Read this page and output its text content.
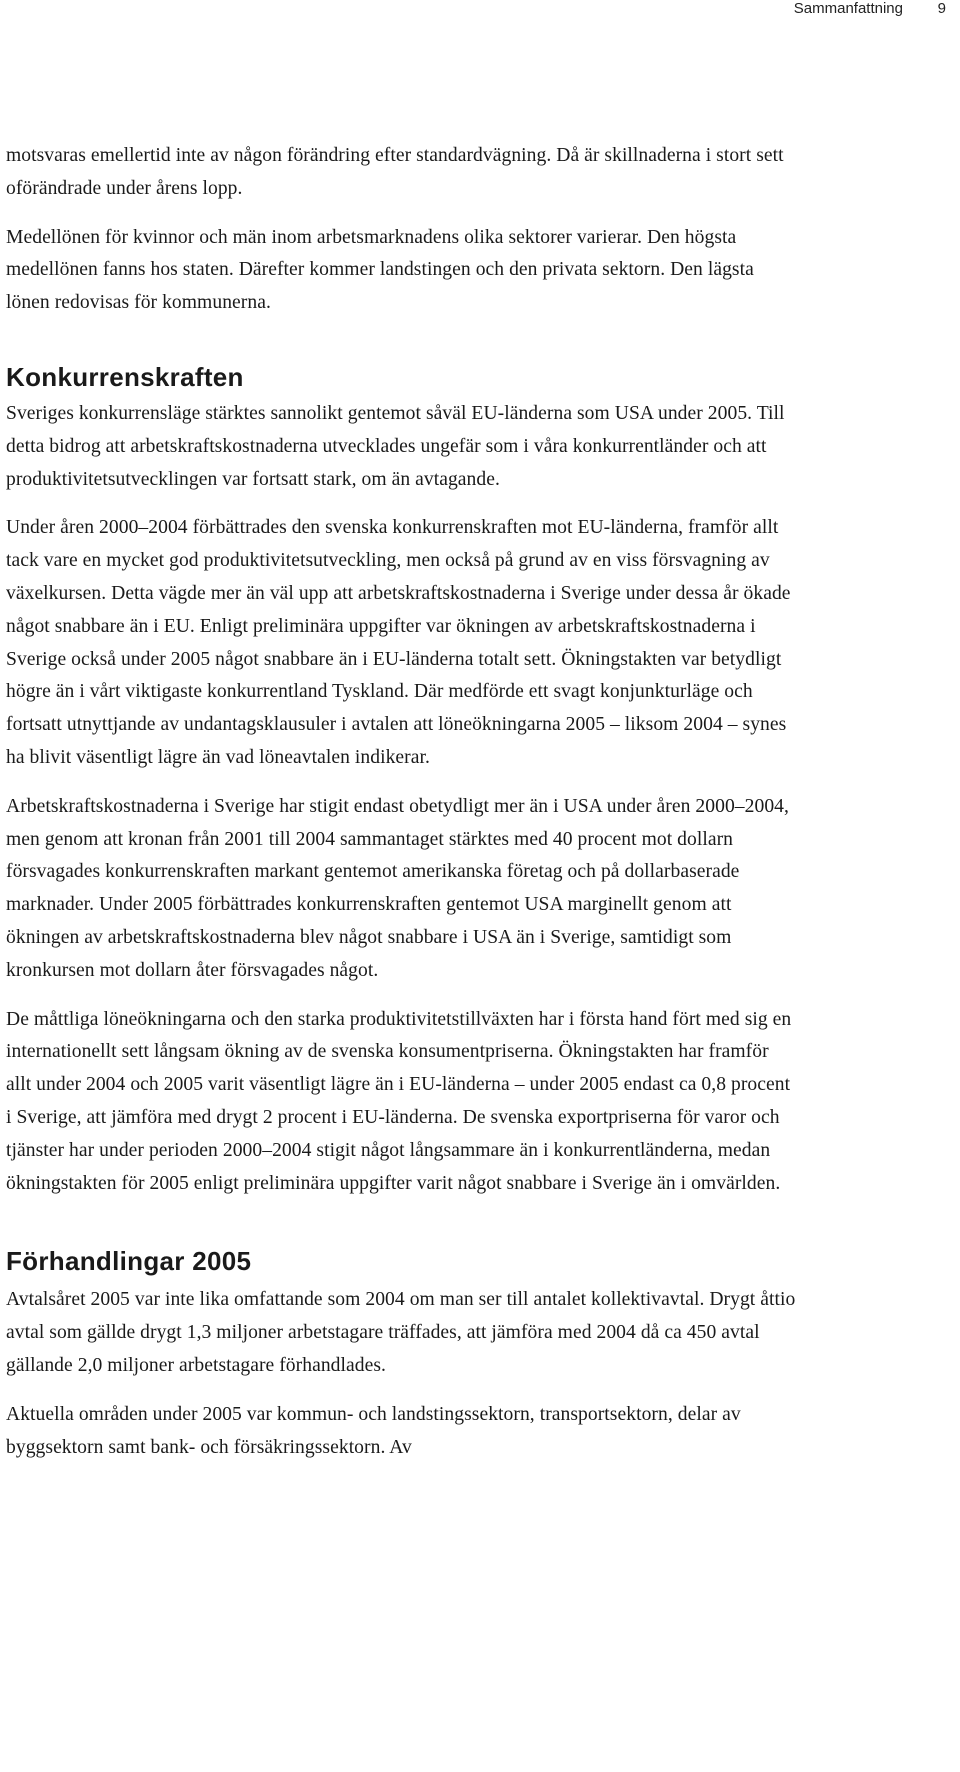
Sammanfattning 9

motsvaras emellertid inte av någon förändring efter standardvägning. Då är skillnaderna i stort sett oförändrade under årens lopp.

Medellönen för kvinnor och män inom arbetsmarknadens olika sektorer varierar. Den högsta medellönen fanns hos staten. Därefter kommer landstingen och den privata sektorn. Den lägsta lönen redovisas för kommunerna.

Konkurrenskraften

Sveriges konkurrensläge stärktes sannolikt gentemot såväl EU-länderna som USA under 2005. Till detta bidrog att arbetskraftskostnaderna utvecklades ungefär som i våra konkurrentländer och att produktivitetsutvecklingen var fortsatt stark, om än avtagande.

Under åren 2000–2004 förbättrades den svenska konkurrenskraften mot EU-länderna, framför allt tack vare en mycket god produktivitetsutveckling, men också på grund av en viss försvagning av växelkursen. Detta vägde mer än väl upp att arbetskraftskostnaderna i Sverige under dessa år ökade något snabbare än i EU. Enligt preliminära uppgifter var ökningen av arbetskraftskostnaderna i Sverige också under 2005 något snabbare än i EU-länderna totalt sett. Ökningstakten var betydligt högre än i vårt viktigaste konkurrentland Tyskland. Där medförde ett svagt konjunkturläge och fortsatt utnyttjande av undantagsklausuler i avtalen att löneökningarna 2005 – liksom 2004 – synes ha blivit väsentligt lägre än vad löneavtalen indikerar.

Arbetskraftskostnaderna i Sverige har stigit endast obetydligt mer än i USA under åren 2000–2004, men genom att kronan från 2001 till 2004 sammantaget stärktes med 40 procent mot dollarn försvagades konkurrenskraften markant gentemot amerikanska företag och på dollarbaserade marknader. Under 2005 förbättrades konkurrenskraften gentemot USA marginellt genom att ökningen av arbetskraftskostnaderna blev något snabbare i USA än i Sverige, samtidigt som kronkursen mot dollarn åter försvagades något.

De måttliga löneökningarna och den starka produktivitetstillväxten har i första hand fört med sig en internationellt sett långsam ökning av de svenska konsumentpriserna. Ökningstakten har framför allt under 2004 och 2005 varit väsentligt lägre än i EU-länderna – under 2005 endast ca 0,8 procent i Sverige, att jämföra med drygt 2 procent i EU-länderna. De svenska exportpriserna för varor och tjänster har under perioden 2000–2004 stigit något långsammare än i konkurrentländerna, medan ökningstakten för 2005 enligt preliminära uppgifter varit något snabbare i Sverige än i omvärlden.

Förhandlingar 2005

Avtalsåret 2005 var inte lika omfattande som 2004 om man ser till antalet kollektivavtal. Drygt åttio avtal som gällde drygt 1,3 miljoner arbetstagare träffades, att jämföra med 2004 då ca 450 avtal gällande 2,0 miljoner arbetstagare förhandlades.

Aktuella områden under 2005 var kommun- och landstingssektorn, transportsektorn, delar av byggsektorn samt bank- och försäkringssektorn. Av
